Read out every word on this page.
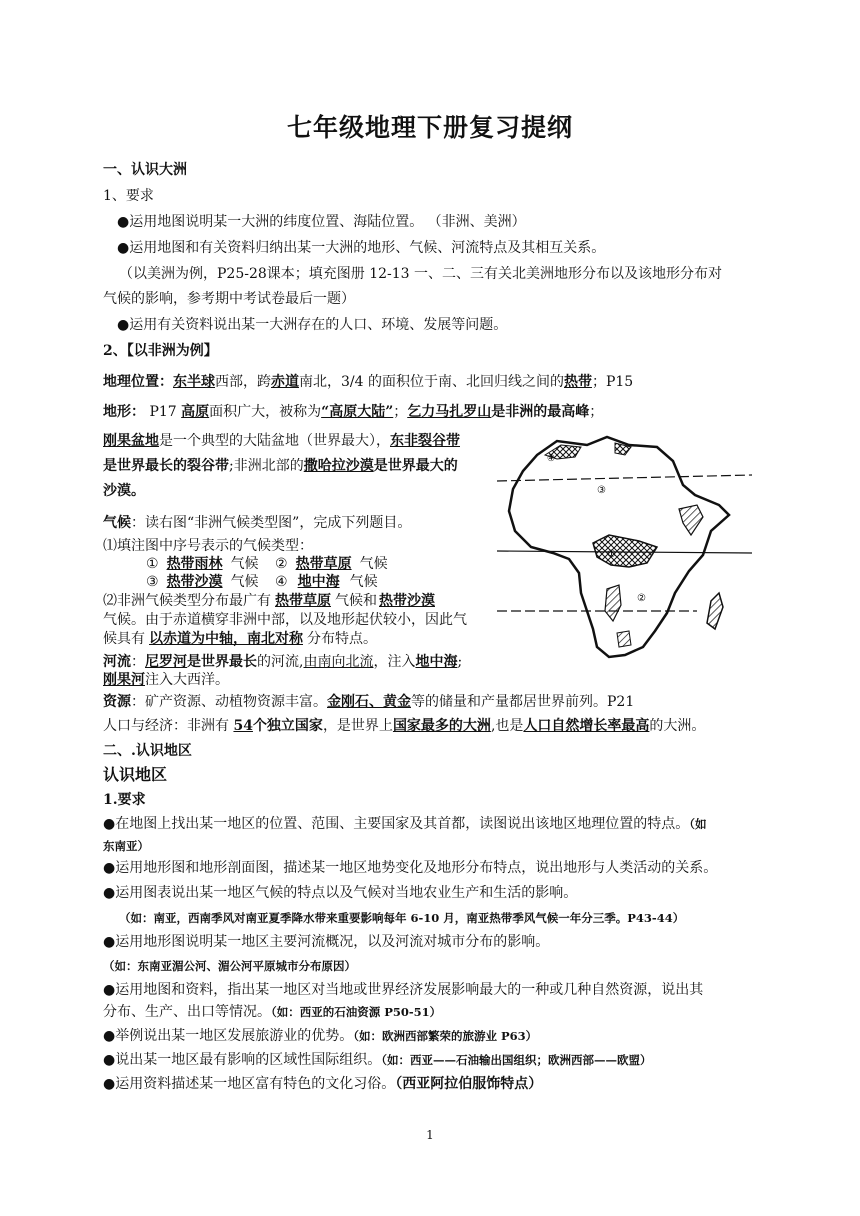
七年级地理下册复习提纲
一、认识大洲
1、要求
●运用地图说明某一大洲的纬度位置、海陆位置。 （非洲、美洲）
●运用地图和有关资料归纳出某一大洲的地形、气候、河流特点及其相互关系。
（以美洲为例，P25-28课本；填充图册 12-13 一、二、三有关北美洲地形分布以及该地形分布对
气候的影响，参考期中考试卷最后一题）
●运用有关资料说出某一大洲存在的人口、环境、发展等问题。
2、【以非洲为例】
地理位置：东半球西部，跨赤道南北，3/4 的面积位于南、北回归线之间的热带；P15
地形： P17 高原面积广大，被称为“高原大陆”；乞力马扎罗山是非洲的最高峰；
刚果盆地是一个典型的大陆盆地（世界最大），东非裂谷带
是世界最长的裂谷带;非洲北部的撒哈拉沙漠是世界最大的
沙漠。
气候：读右图“非洲气候类型图”，完成下列题目。
⑴填注图中序号表示的气候类型：
① 热带雨林 气候 ② 热带草原 气候
③ 热带沙漠 气候 ④ 地中海 气候
⑵非洲气候类型分布最广有 热带草原 气候和 热带沙漠
气候。由于赤道横穿非洲中部，以及地形起伏较小，因此气
候具有 以赤道为中轴，南北对称 分布特点。
河流：尼罗河是世界最长的河流,由南向北流，注入地中海;
刚果河注入大西洋。
资源：矿产资源、动植物资源丰富。金刚石、黄金等的储量和产量都居世界前列。P21
人口与经济：非洲有 54个独立国家，是世界上国家最多的大洲,也是人口自然增长率最高的大洲。
①
②
③
④
二、.认识地区
认识地区
1.要求
●在地图上找出某一地区的位置、范围、主要国家及其首都，读图说出该地区地理位置的特点。（如
东南亚）
●运用地形图和地形剖面图，描述某一地区地势变化及地形分布特点，说出地形与人类活动的关系。
●运用图表说出某一地区气候的特点以及气候对当地农业生产和生活的影响。
（如：南亚，西南季风对南亚夏季降水带来重要影响每年 6-10 月，南亚热带季风气候一年分三季。P43-44）
●运用地形图说明某一地区主要河流概况，以及河流对城市分布的影响。
（如：东南亚湄公河、湄公河平原城市分布原因）
●运用地图和资料，指出某一地区对当地或世界经济发展影响最大的一种或几种自然资源，说出其
分布、生产、出口等情况。（如：西亚的石油资源 P50-51）
●举例说出某一地区发展旅游业的优势。（如：欧洲西部繁荣的旅游业 P63）
●说出某一地区最有影响的区域性国际组织。（如：西亚——石油输出国组织；欧洲西部——欧盟）
●运用资料描述某一地区富有特色的文化习俗。（西亚阿拉伯服饰特点）
1
